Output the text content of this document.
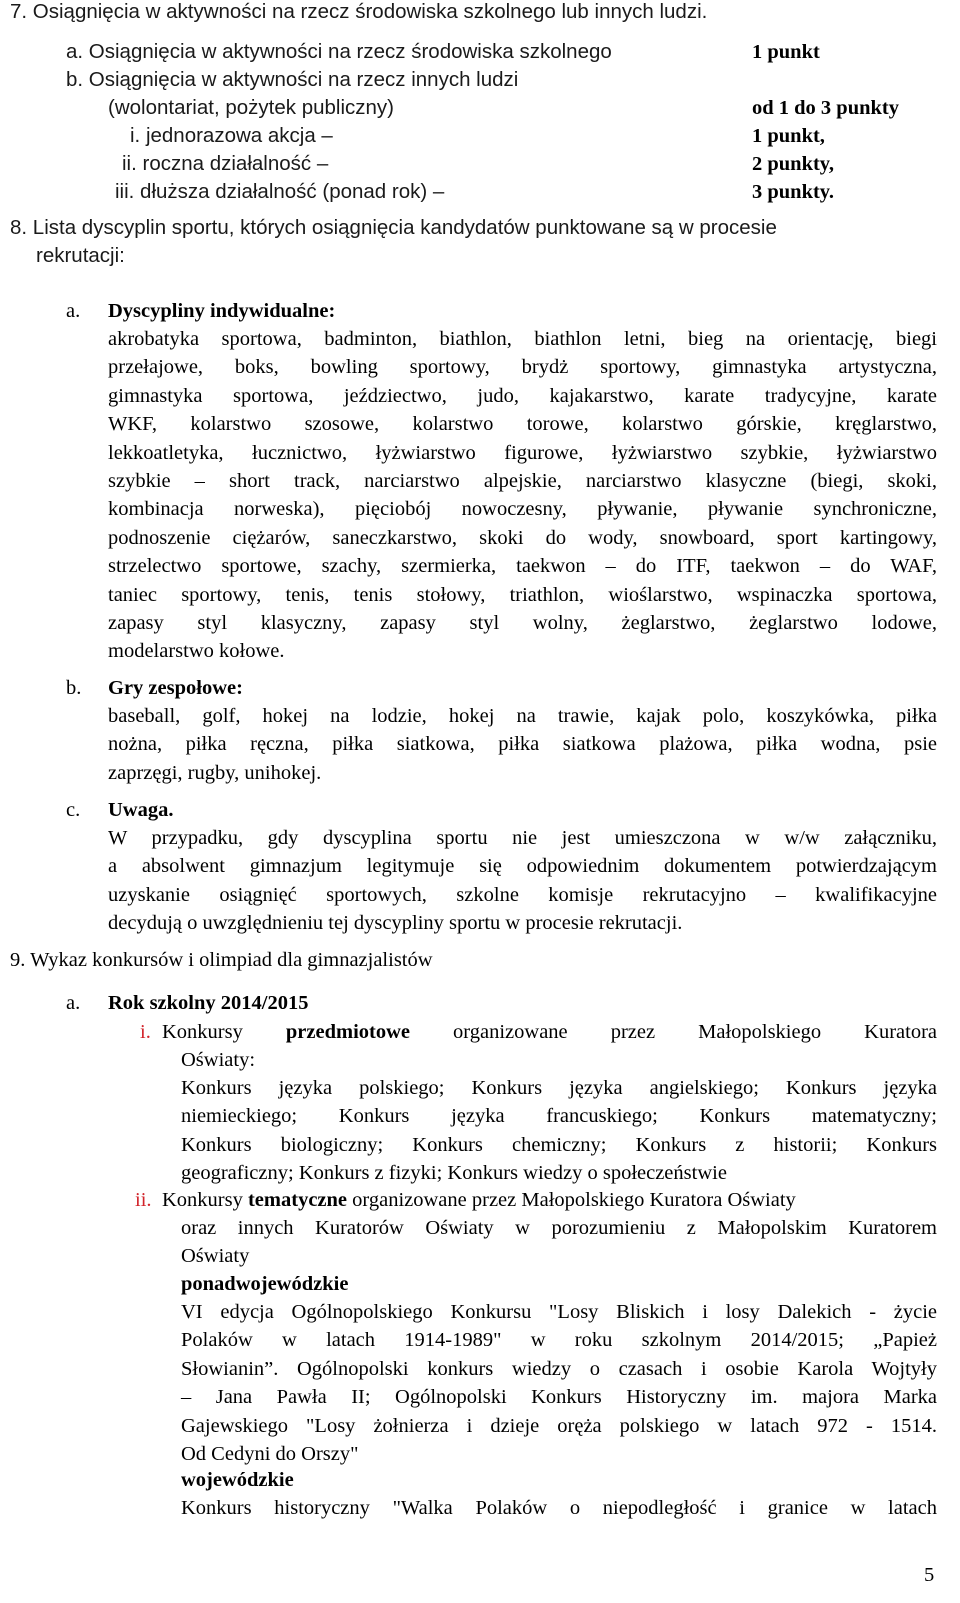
7. Osiągnięcia w aktywności na rzecz środowiska szkolnego lub innych ludzi.
a. Osiągnięcia w aktywności na rzecz środowiska szkolnego	1 punkt
b. Osiągnięcia w aktywności na rzecz innych ludzi
(wolontariat, pożytek publiczny)	od 1 do 3 punkty
i. jednorazowa akcja –	1 punkt,
ii. roczna działalność –	2 punkty,
iii. dłuższa działalność (ponad rok) –	3 punkty.
8. Lista dyscyplin sportu, których osiągnięcia kandydatów punktowane są w procesie
rekrutacji:
a. Dyscypliny indywidualne:
akrobatyka sportowa, badminton, biathlon, biathlon letni, bieg na orientację, biegi
przełajowe, boks, bowling sportowy, brydż sportowy, gimnastyka artystyczna,
gimnastyka sportowa, jeździectwo, judo, kajakarstwo, karate tradycyjne, karate
WKF, kolarstwo szosowe, kolarstwo torowe, kolarstwo górskie, kręglarstwo,
lekkoatletyka, łucznictwo, łyżwiarstwo figurowe, łyżwiarstwo szybkie, łyżwiarstwo
szybkie – short track, narciarstwo alpejskie, narciarstwo klasyczne (biegi, skoki,
kombinacja norweska), pięciobój nowoczesny, pływanie, pływanie synchroniczne,
podnoszenie ciężarów, saneczkarstwo, skoki do wody, snowboard, sport kartingowy,
strzelectwo sportowe, szachy, szermierka, taekwon – do ITF, taekwon – do WAF,
taniec sportowy, tenis, tenis stołowy, triathlon, wioślarstwo, wspinaczka sportowa,
zapasy styl klasyczny, zapasy styl wolny, żeglarstwo, żeglarstwo lodowe,
modelarstwo kołowe.
b. Gry zespołowe:
baseball, golf, hokej na lodzie, hokej na trawie, kajak polo, koszykówka, piłka
nożna, piłka ręczna, piłka siatkowa, piłka siatkowa plażowa, piłka wodna, psie
zaprzęgi, rugby, unihokej.
c. Uwaga.
W przypadku, gdy dyscyplina sportu nie jest umieszczona w w/w załączniku,
a absolwent gimnazjum legitymuje się odpowiednim dokumentem potwierdzającym
uzyskanie osiągnięć sportowych, szkolne komisje rekrutacyjno – kwalifikacyjne
decydują o uwzględnieniu tej dyscypliny sportu w procesie rekrutacji.
9. Wykaz konkursów i olimpiad dla gimnazjalistów
a. Rok szkolny 2014/2015
i. Konkursy przedmiotowe organizowane przez Małopolskiego Kuratora
Oświaty:
Konkurs języka polskiego; Konkurs języka angielskiego; Konkurs języka
niemieckiego; Konkurs języka francuskiego; Konkurs matematyczny;
Konkurs biologiczny; Konkurs chemiczny; Konkurs z historii; Konkurs
geograficzny; Konkurs z fizyki; Konkurs wiedzy o społeczeństwie
ii. Konkursy tematyczne organizowane przez Małopolskiego Kuratora Oświaty
oraz innych Kuratorów Oświaty w porozumieniu z Małopolskim Kuratorem
Oświaty
ponadwojewódzkie
VI edycja Ogólnopolskiego Konkursu "Losy Bliskich i losy Dalekich - życie
Polaków w latach 1914-1989" w roku szkolnym 2014/2015; „Papież
Słowianin”. Ogólnopolski konkurs wiedzy o czasach i osobie Karola Wojtyły
– Jana Pawła II; Ogólnopolski Konkurs Historyczny im. majora Marka
Gajewskiego "Losy żołnierza i dzieje oręża polskiego w latach 972 - 1514.
Od Cedyni do Orszy"
wojewódzkie
Konkurs historyczny "Walka Polaków o niepodległość i granice w latach
5
